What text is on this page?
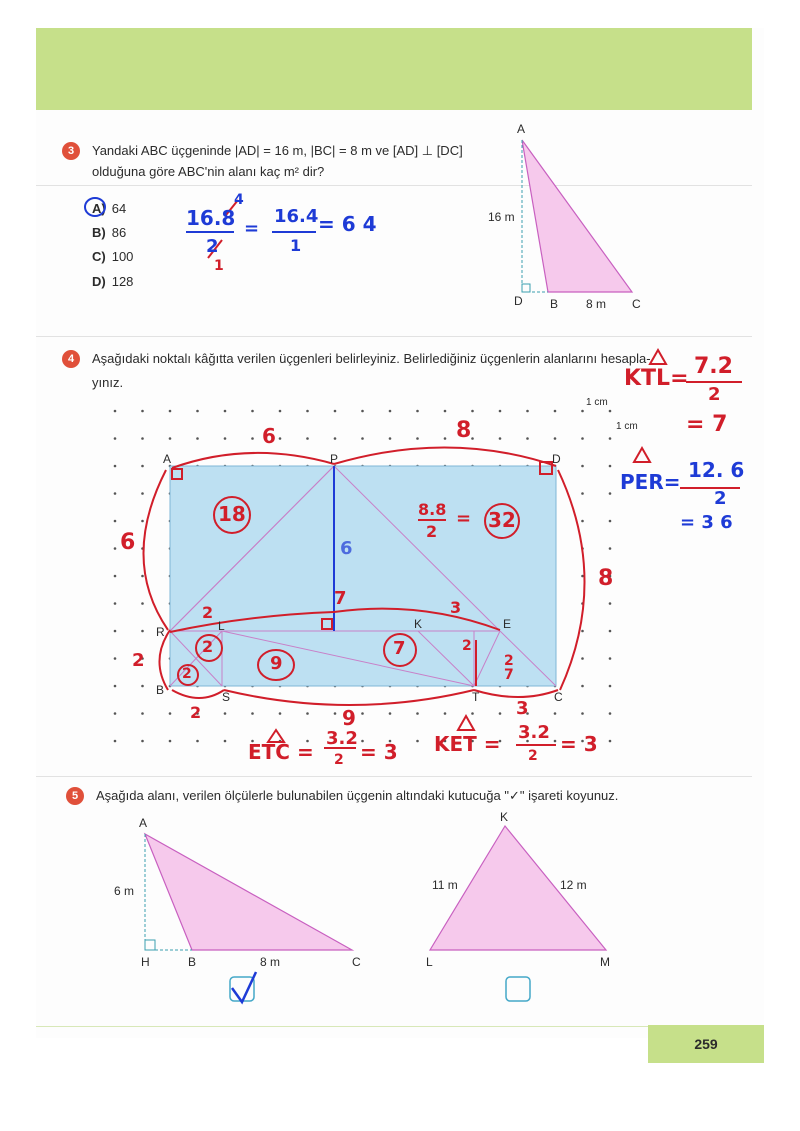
3	Yandaki ABC üçgeninde |AD| = 16 m, |BC| = 8 m ve [AD] ⊥ [DC]
olduğuna göre ABC'nin alanı kaç m² dir?
A) 64
B) 86
C) 100
D) 128
A
16 m
D B 8 m C
16.8
4
2
1
=
16.4
1
= 6 4
4	Aşağıdaki noktalı kâğıtta verilen üçgenleri belirleyiniz. Belirlediğiniz üçgenlerin alanlarını hesapla-
yınız.
1 cm
1 cm
A	P	D
R	L	K	E
B	S	T	C
6	8
6
8
2
2	9	3
18	8.8
2
= 32
6
7
2	3
2
2	9
7	2
2
7
KTL= 7.2
2
= 7
PER= 12. 6
2
= 3 6
ETC =
3.2
2 = 3 KET = 3.2
2 = 3
5	Aşağıda alanı, verilen ölçülerle bulunabilen üçgenin altındaki kutucuğa "✓" işareti koyunuz.
A
6 m
H	B	8 m	C
K
11 m	12 m
L	M
259
